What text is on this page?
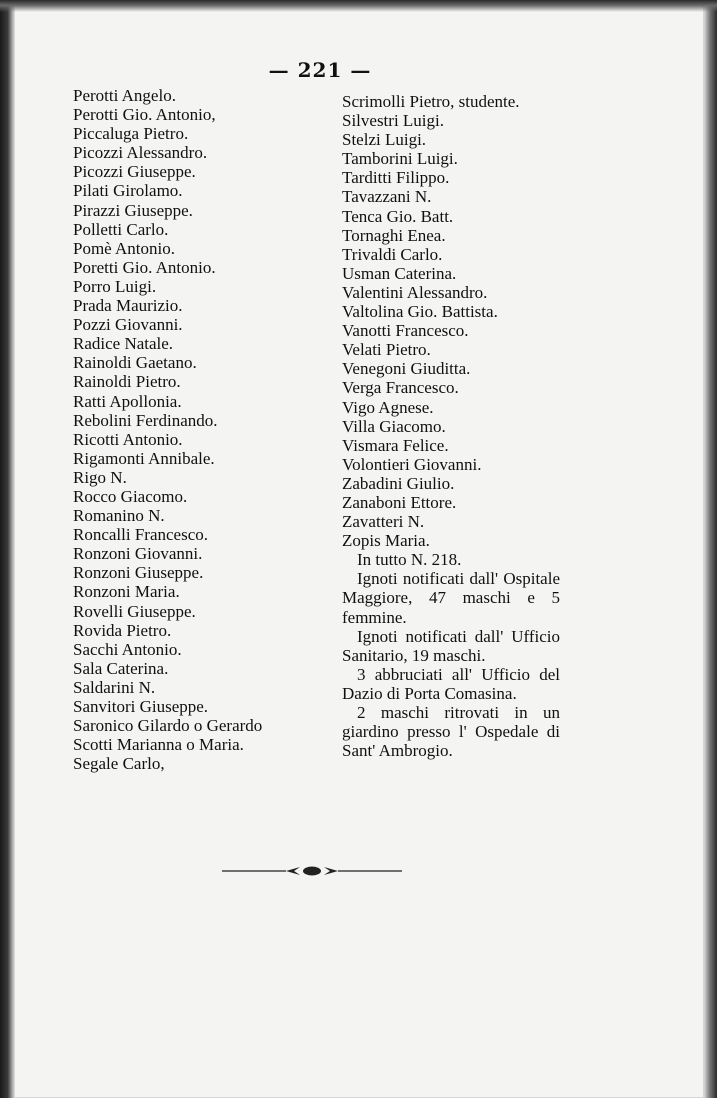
— 221 —
Perotti Angelo.
Perotti Gio. Antonio,
Piccaluga Pietro.
Picozzi Alessandro.
Picozzi Giuseppe.
Pilati Girolamo.
Pirazzi Giuseppe.
Polletti Carlo.
Pomè Antonio.
Poretti Gio. Antonio.
Porro Luigi.
Prada Maurizio.
Pozzi Giovanni.
Radice Natale.
Rainoldi Gaetano.
Rainoldi Pietro.
Ratti Apollonia.
Rebolini Ferdinando.
Ricotti Antonio.
Rigamonti Annibale.
Rigo N.
Rocco Giacomo.
Romanino N.
Roncalli Francesco.
Ronzoni Giovanni.
Ronzoni Giuseppe.
Ronzoni Maria.
Rovelli Giuseppe.
Rovida Pietro.
Sacchi Antonio.
Sala Caterina.
Saldarini N.
Sanvitori Giuseppe.
Saronico Gilardo o Gerardo
Scotti Marianna o Maria.
Segale Carlo,
Scrimolli Pietro, studente.
Silvestri Luigi.
Stelzi Luigi.
Tamborini Luigi.
Tarditti Filippo.
Tavazzani N.
Tenca Gio. Batt.
Tornaghi Enea.
Trivaldi Carlo.
Usman Caterina.
Valentini Alessandro.
Valtolina Gio. Battista.
Vanotti Francesco.
Velati Pietro.
Venegoni Giuditta.
Verga Francesco.
Vigo Agnese.
Villa Giacomo.
Vismara Felice.
Volontieri Giovanni.
Zabadini Giulio.
Zanaboni Ettore.
Zavatteri N.
Zopis Maria.
In tutto N. 218.
Ignoti notificati dall' Ospitale Maggiore, 47 maschi e 5 femmine.
Ignoti notificati dall' Ufficio Sanitario, 19 maschi.
3 abbruciati all' Ufficio del Dazio di Porta Comasina.
2 maschi ritrovati in un giardino presso l' Ospedale di Sant' Ambrogio.
